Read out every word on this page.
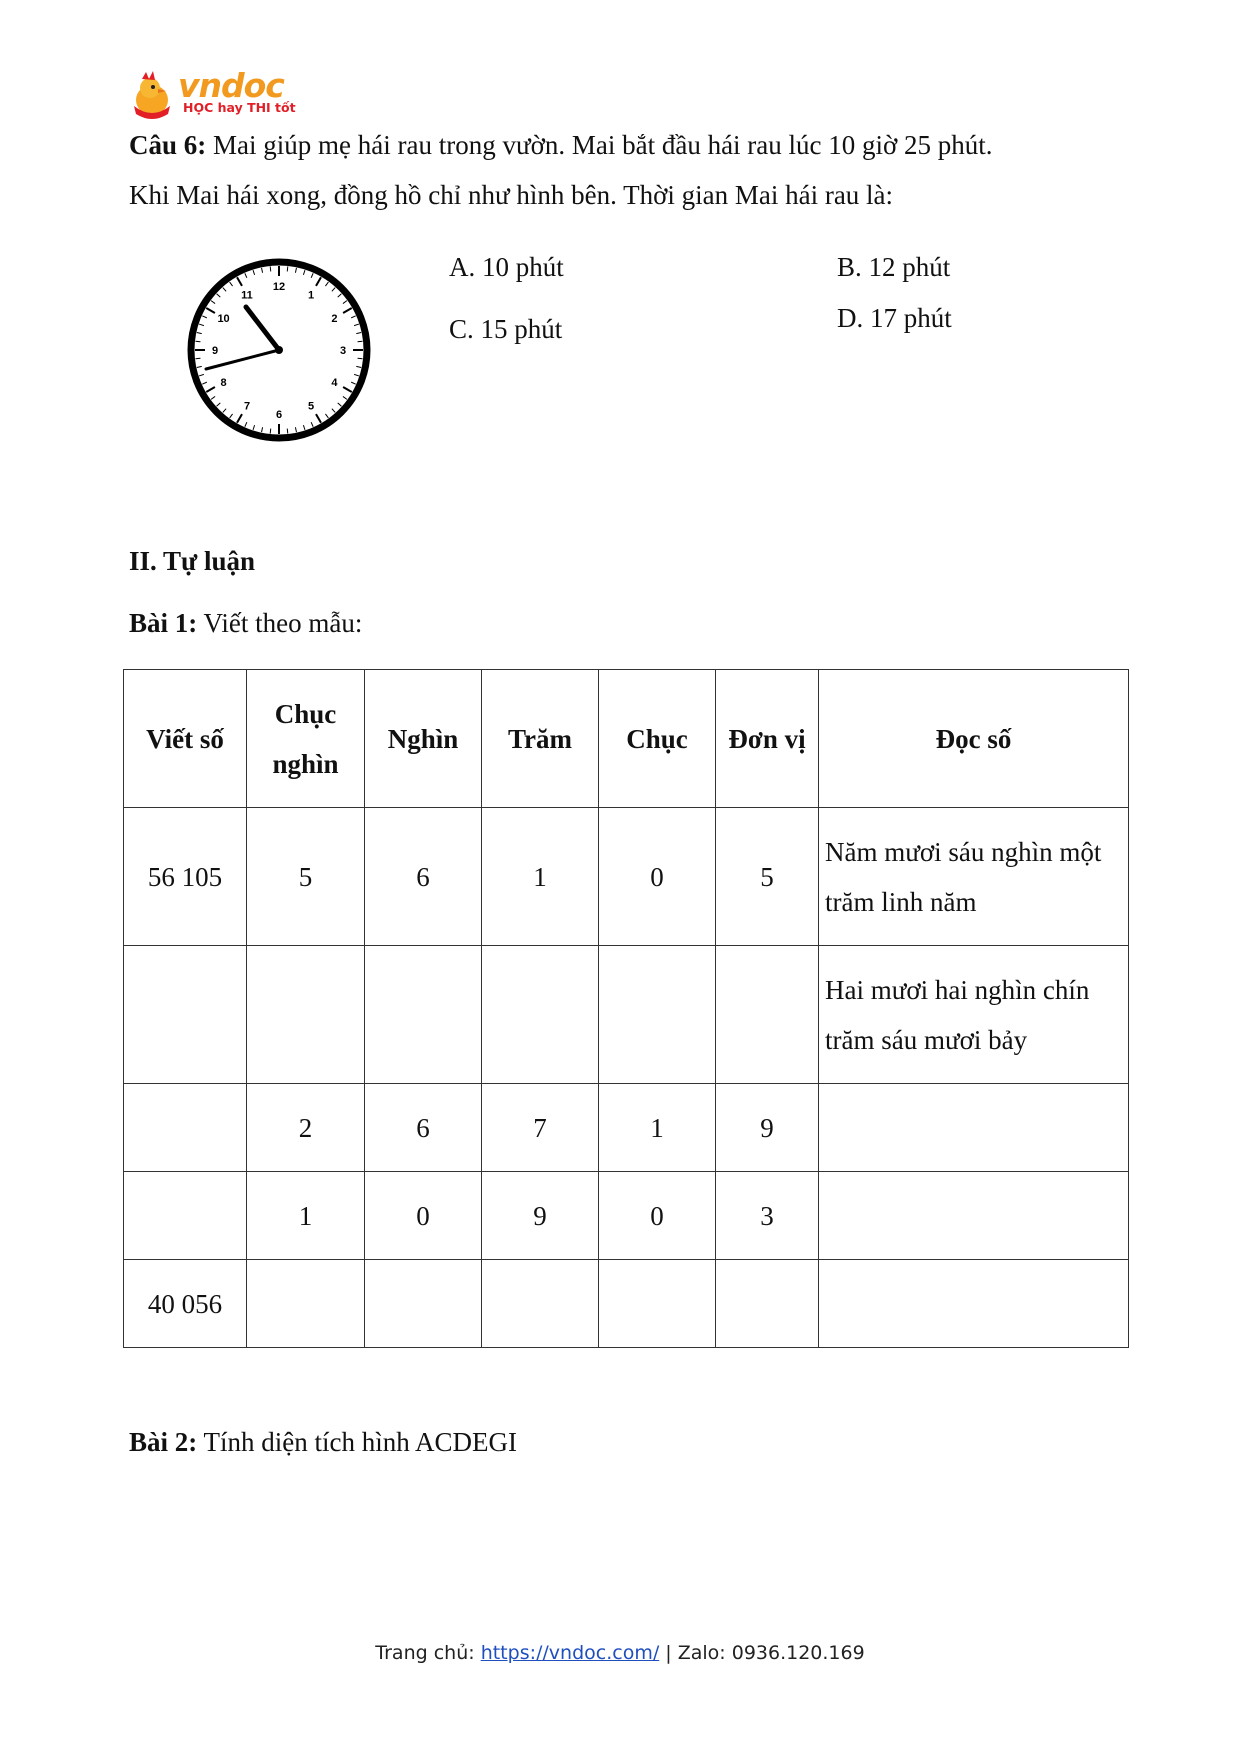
vndoc
HỌC hay THI tốt
Câu 6: Mai giúp mẹ hái rau trong vườn. Mai bắt đầu hái rau lúc 10 giờ 25 phút.
Khi Mai hái xong, đồng hồ chỉ như hình bên. Thời gian Mai hái rau là:
12
1
2
3
4
5
6
7
8
9
10
11
A. 10 phút	B. 12 phút
C. 15 phút	D. 17 phút
II. Tự luận
Bài 1: Viết theo mẫu:
Viết số	Chục nghìn	Nghìn	Trăm	Chục	Đơn vị	Đọc số
56 105	5	6	1	0	5	Năm mươi sáu nghìn một trăm linh năm
						Hai mươi hai nghìn chín trăm sáu mươi bảy
	2	6	7	1	9	
	1	0	9	0	3	
40 056						
Bài 2: Tính diện tích hình ACDEGI
Trang chủ: https://vndoc.com/ | Zalo: 0936.120.169
